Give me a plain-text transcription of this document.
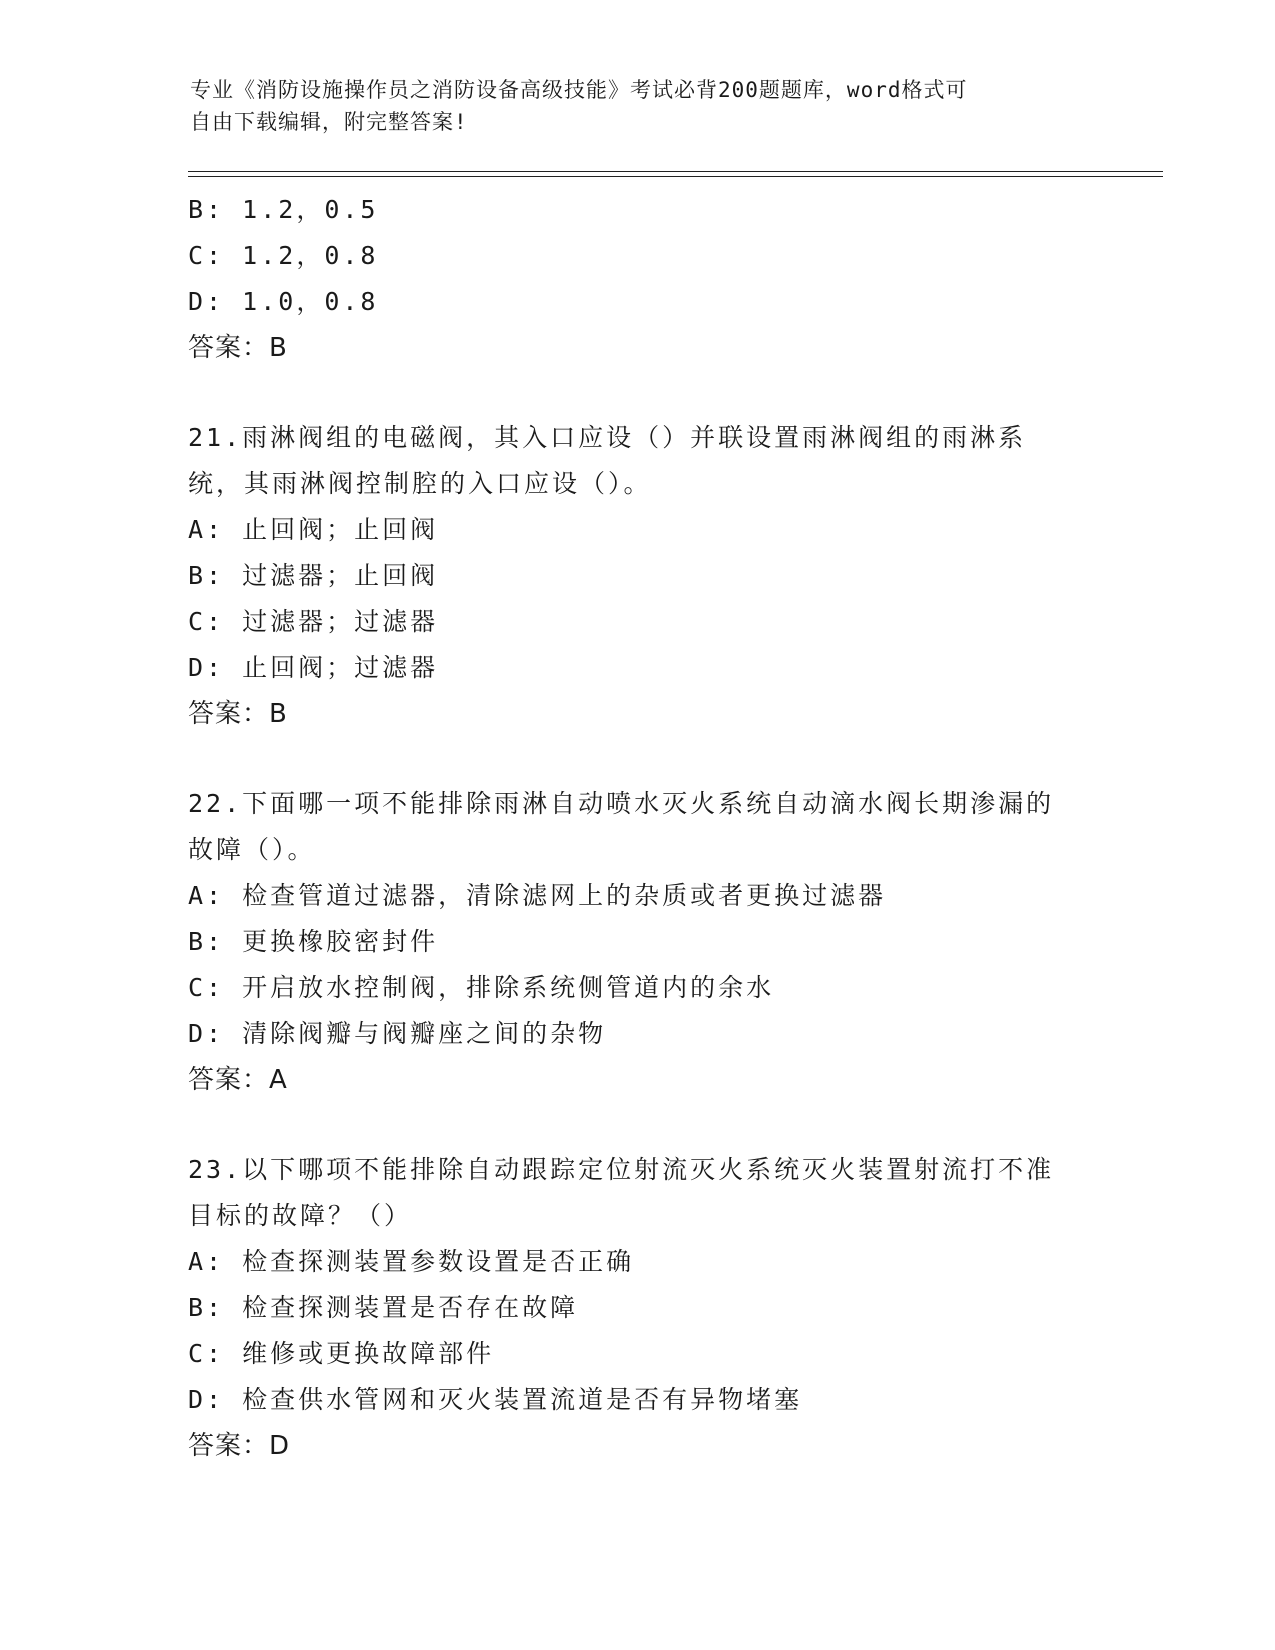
专业《消防设施操作员之消防设备高级技能》考试必背200题题库，word格式可
自由下载编辑，附完整答案!
B: 1.2，0.5
C: 1.2，0.8
D: 1.0，0.8
答案：B
21.雨淋阀组的电磁阀，其入口应设（）并联设置雨淋阀组的雨淋系统，其雨淋阀控制腔的入口应设（）。
A: 止回阀；止回阀
B: 过滤器；止回阀
C: 过滤器；过滤器
D: 止回阀；过滤器
答案：B
22.下面哪一项不能排除雨淋自动喷水灭火系统自动滴水阀长期渗漏的故障（）。
A: 检查管道过滤器，清除滤网上的杂质或者更换过滤器
B: 更换橡胶密封件
C: 开启放水控制阀，排除系统侧管道内的余水
D: 清除阀瓣与阀瓣座之间的杂物
答案：A
23.以下哪项不能排除自动跟踪定位射流灭火系统灭火装置射流打不准目标的故障？（）
A: 检查探测装置参数设置是否正确
B: 检查探测装置是否存在故障
C: 维修或更换故障部件
D: 检查供水管网和灭火装置流道是否有异物堵塞
答案：D
